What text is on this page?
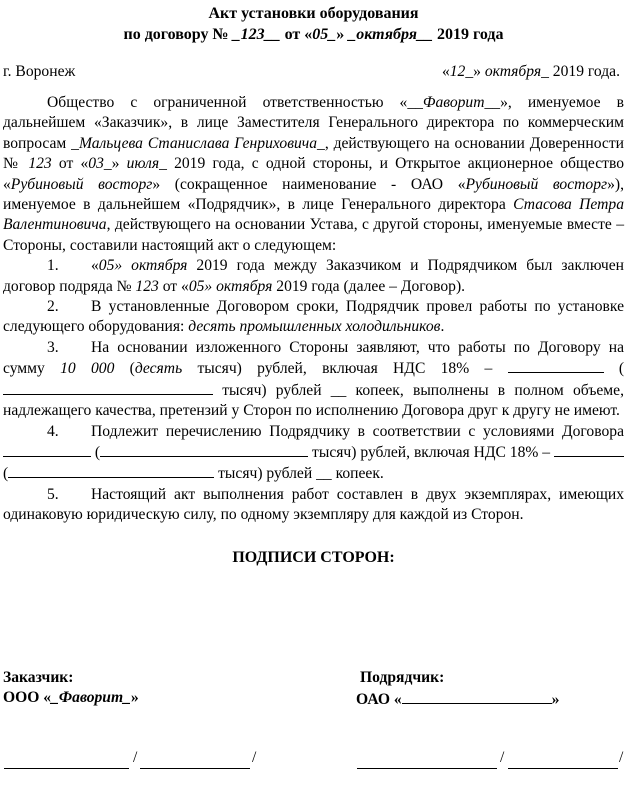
Акт установки оборудования
по договору № _123__ от «05_» _октября__ 2019 года
г. Воронеж	«12_» октября_ 2019 года.

Общество с ограниченной ответственностью «__Фаворит__», именуемое в дальнейшем «Заказчик», в лице Заместителя Генерального директора по коммерческим вопросам _Мальцева Станислава Генриховича_, действующего на основании Доверенности № 123 от «03_» июля_ 2019 года, с одной стороны, и Открытое акционерное общество «Рубиновый восторг» (сокращенное наименование - ОАО «Рубиновый восторг»), именуемое в дальнейшем «Подрядчик», в лице Генерального директора Стасова Петра Валентиновича, действующего на основании Устава, с другой стороны, именуемые вместе – Стороны, составили настоящий акт о следующем:

1. «05» октября 2019 года между Заказчиком и Подрядчиком был заключен договор подряда № 123 от «05» октября 2019 года (далее – Договор).

2. В установленные Договором сроки, Подрядчик провел работы по установке следующего оборудования: десять промышленных холодильников.

3. На основании изложенного Стороны заявляют, что работы по Договору на сумму 10 000 (десять тысяч) рублей, включая НДС 18% –	( тысяч) рублей __ копеек, выполнены в полном объеме, надлежащего качества, претензий у Сторон по исполнению Договора друг к другу не имеют.

4. Подлежит перечислению Подрядчику в соответствии с условиями Договора  (	тысяч) рублей, включая НДС 18% –  (	тысяч) рублей __ копеек.

5. Настоящий акт выполнения работ составлен в двух экземплярах, имеющих одинаковую юридическую силу, по одному экземпляру для каждой из Сторон.

ПОДПИСИ СТОРОН:
Заказчик:
ООО «_Фаворит_»
Подрядчик:
ОАО «	»
/	/	/	/
